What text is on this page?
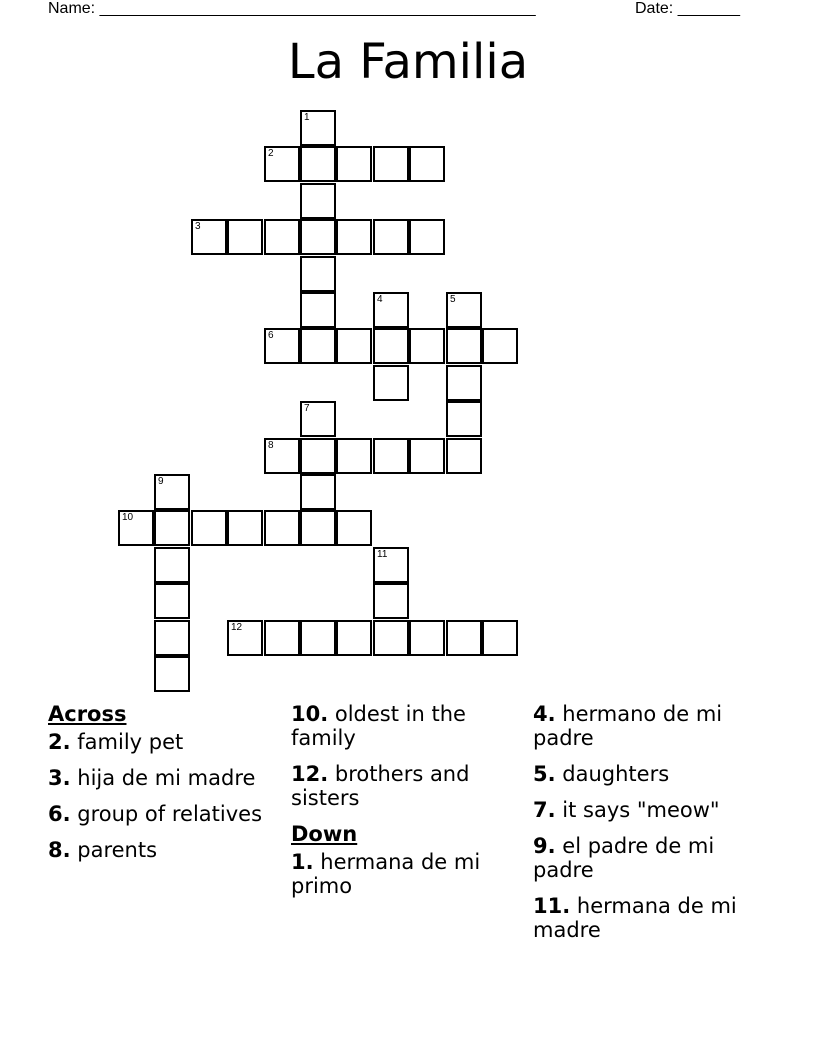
Name: _________________________________________________	Date: _______
La Familia
1
2
3
4	5
6
7
8
9
10
11
12
Across
2. family pet
3. hija de mi madre
6. group of relatives
8. parents
10. oldest in the family
12. brothers and sisters
Down
1. hermana de mi primo
4. hermano de mi padre
5. daughters
7. it says "meow"
9. el padre de mi padre
11. hermana de mi madre
